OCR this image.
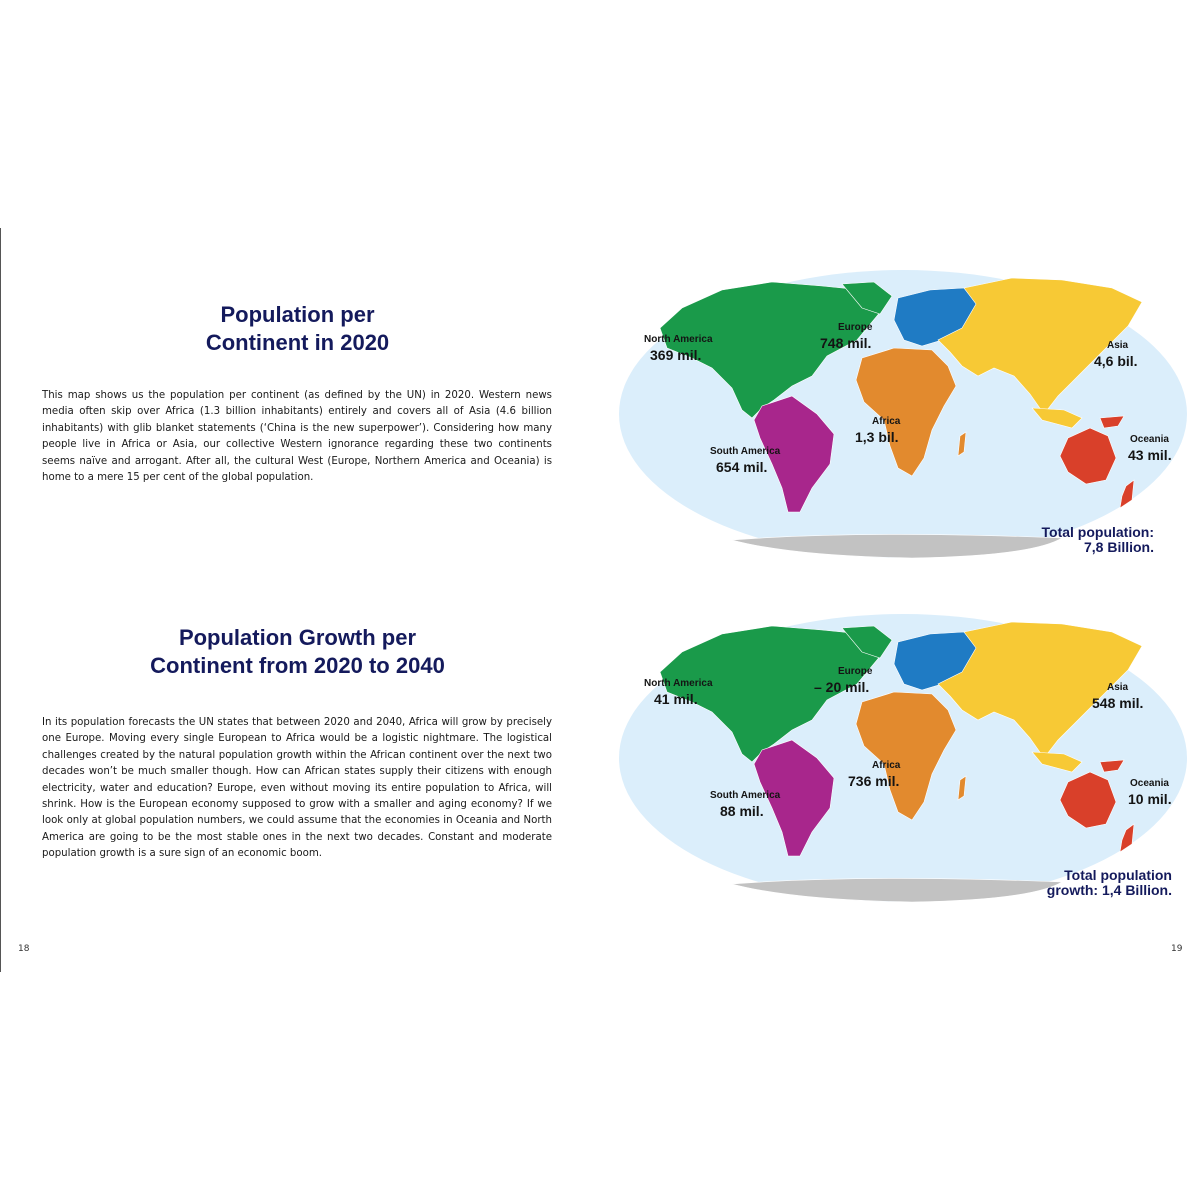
Population per
Continent in 2020

This map shows us the population per continent (as defined by the UN) in 2020. Western news media often skip over Africa (1.3 billion inhabitants) entirely and covers all of Asia (4.6 billion inhabitants) with glib blanket statements (‘China is the new superpower’). Considering how many people live in Africa or Asia, our collective Western ignorance regarding these two continents seems naïve and arrogant. After all, the cultural West (Europe, Northern America and Oceania) is home to a mere 15 per cent of the global population.

Population Growth per
Continent from 2020 to 2040

In its population forecasts the UN states that between 2020 and 2040, Africa will grow by precisely one Europe. Moving every single European to Africa would be a logistic nightmare. The logistical challenges created by the natural population growth within the African continent over the next two decades won’t be much smaller though. How can African states supply their citizens with enough electricity, water and education? Europe, even without moving its entire population to Africa, will shrink. How is the European economy supposed to grow with a smaller and aging economy? If we look only at global population numbers, we could assume that the economies in Oceania and North America are going to be the most stable ones in the next two decades. Constant and moderate population growth is a sure sign of an economic boom.

18	19
North America
369 mil.
Europe
748 mil.	Asia
4,6 bil.
Africa
1,3 bil.
South America
654 mil.
Oceania
43 mil.
Total population:
7,8 Billion.
North America
41 mil.
Europe
– 20 mil.	Asia
548 mil.
Africa
736 mil.
South America
88 mil.
Oceania
10 mil.
Total population
growth: 1,4 Billion.
